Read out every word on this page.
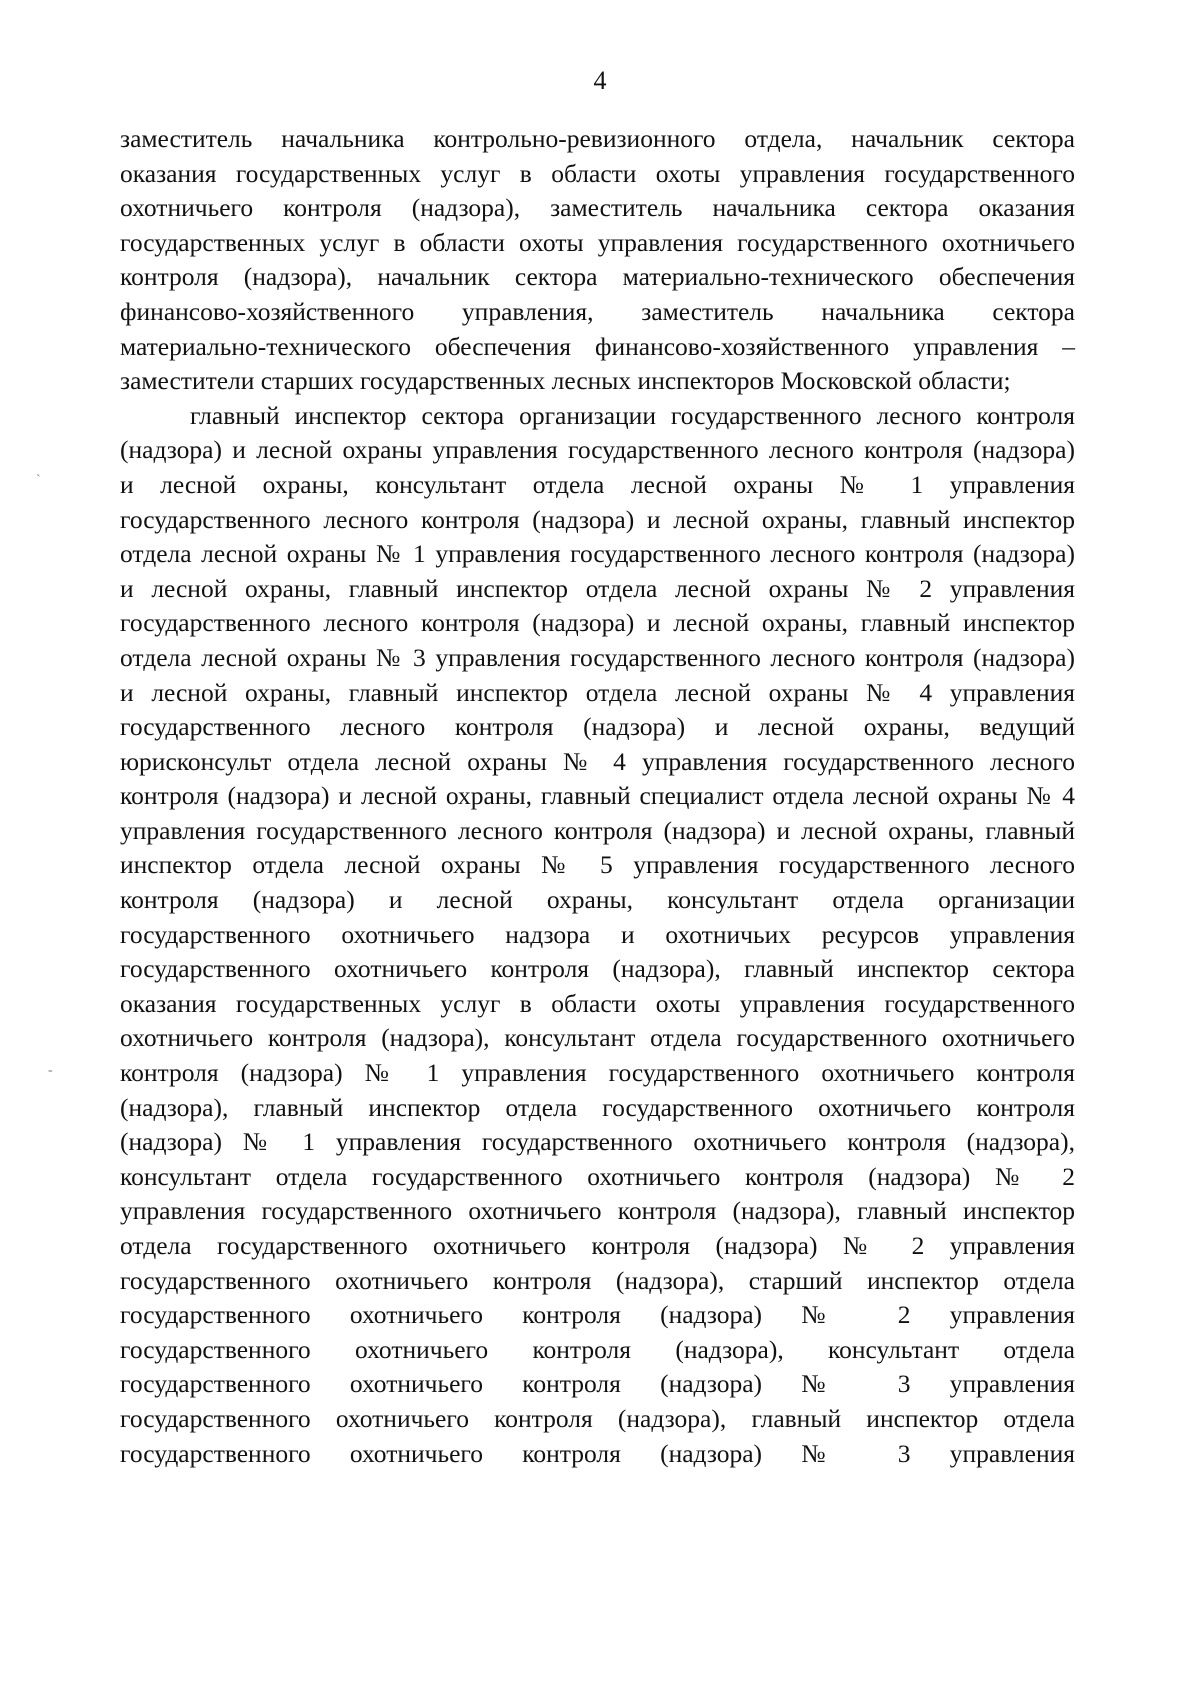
4
заместитель начальника контрольно-ревизионного отдела, начальник сектора
оказания государственных услуг в области охоты управления государственного
охотничьего контроля (надзора), заместитель начальника сектора оказания
государственных услуг в области охоты управления государственного охотничьего
контроля (надзора), начальник сектора материально-технического обеспечения
финансово-хозяйственного управления, заместитель начальника сектора
материально-технического обеспечения финансово-хозяйственного управления –
заместители старших государственных лесных инспекторов Московской области;
главный инспектор сектора организации государственного лесного контроля
(надзора) и лесной охраны управления государственного лесного контроля (надзора)
и лесной охраны, консультант отдела лесной охраны № 1 управления
государственного лесного контроля (надзора) и лесной охраны, главный инспектор
отдела лесной охраны № 1 управления государственного лесного контроля (надзора)
и лесной охраны, главный инспектор отдела лесной охраны № 2 управления
государственного лесного контроля (надзора) и лесной охраны, главный инспектор
отдела лесной охраны № 3 управления государственного лесного контроля (надзора)
и лесной охраны, главный инспектор отдела лесной охраны № 4 управления
государственного лесного контроля (надзора) и лесной охраны, ведущий
юрисконсульт отдела лесной охраны № 4 управления государственного лесного
контроля (надзора) и лесной охраны, главный специалист отдела лесной охраны № 4
управления государственного лесного контроля (надзора) и лесной охраны, главный
инспектор отдела лесной охраны № 5 управления государственного лесного
контроля (надзора) и лесной охраны, консультант отдела организации
государственного охотничьего надзора и охотничьих ресурсов управления
государственного охотничьего контроля (надзора), главный инспектор сектора
оказания государственных услуг в области охоты управления государственного
охотничьего контроля (надзора), консультант отдела государственного охотничьего
контроля (надзора) № 1 управления государственного охотничьего контроля
(надзора), главный инспектор отдела государственного охотничьего контроля
(надзора) № 1 управления государственного охотничьего контроля (надзора),
консультант отдела государственного охотничьего контроля (надзора) № 2
управления государственного охотничьего контроля (надзора), главный инспектор
отдела государственного охотничьего контроля (надзора) № 2 управления
государственного охотничьего контроля (надзора), старший инспектор отдела
государственного охотничьего контроля (надзора) № 2 управления
государственного охотничьего контроля (надзора), консультант отдела
государственного охотничьего контроля (надзора) № 3 управления
государственного охотничьего контроля (надзора), главный инспектор отдела
государственного охотничьего контроля (надзора) № 3 управления
`
-
